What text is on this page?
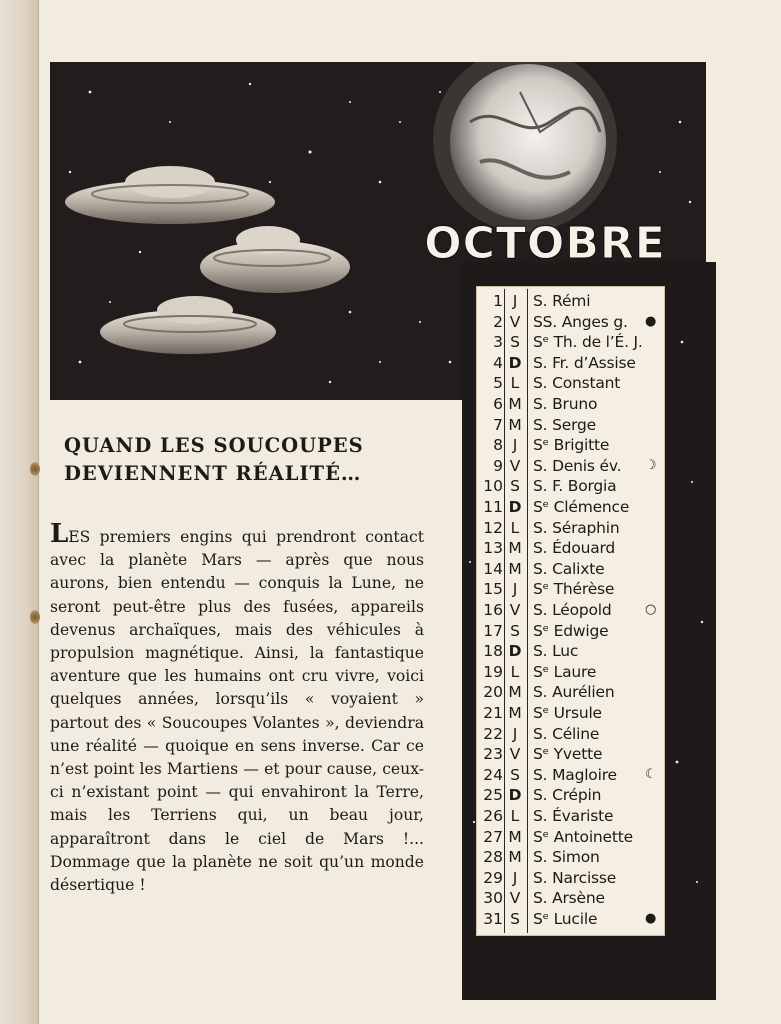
OCTOBRE
1 J	S. Rémi
2 V SS. Anges g. ●
3 S Sᵉ Th. de l’É. J.
4 D S. Fr. d’Assise
5 L S. Constant
6 M S. Bruno
7 M S. Serge
8 J	Sᵉ Brigitte
9 V S. Denis év. ☽
10 S S. F. Borgia
11 D Sᵉ Clémence
12 L S. Séraphin
13 M S. Édouard
14 M S. Calixte
15 J	Sᵉ Thérèse
16 V S. Léopold	○
17 S Sᵉ Edwige
18 D S. Luc
19 L Sᵉ Laure
20 M S. Aurélien
21 M Sᵉ Ursule
22 J	S. Céline
23 V Sᵉ Yvette
24 S S. Magloire ☾
25 D S. Crépin
26 L S. Évariste
27 M Sᵉ Antoinette
28 M S. Simon
29 J	S. Narcisse
30 V S. Arsène
31 S Sᵉ Lucile	●
QUAND LES SOUCOUPES
DEVIENNENT RÉALITÉ…

LES premiers engins qui prendront contact avec la planète Mars — après que nous aurons, bien entendu — conquis la Lune, ne seront peut-être plus des fusées, appareils devenus archaïques, mais des véhicules à propulsion magnétique. Ainsi, la fantastique aventure que les humains ont cru vivre, voici quelques années, lorsqu’ils « voyaient » partout des « Soucoupes Volantes », deviendra une réalité — quoique en sens inverse. Car ce n’est point les Martiens — et pour cause, ceux-ci n’existant point — qui envahiront la Terre, mais les Terriens qui, un beau jour, apparaîtront dans le ciel de Mars !... Dommage que la planète ne soit qu’un monde désertique !
